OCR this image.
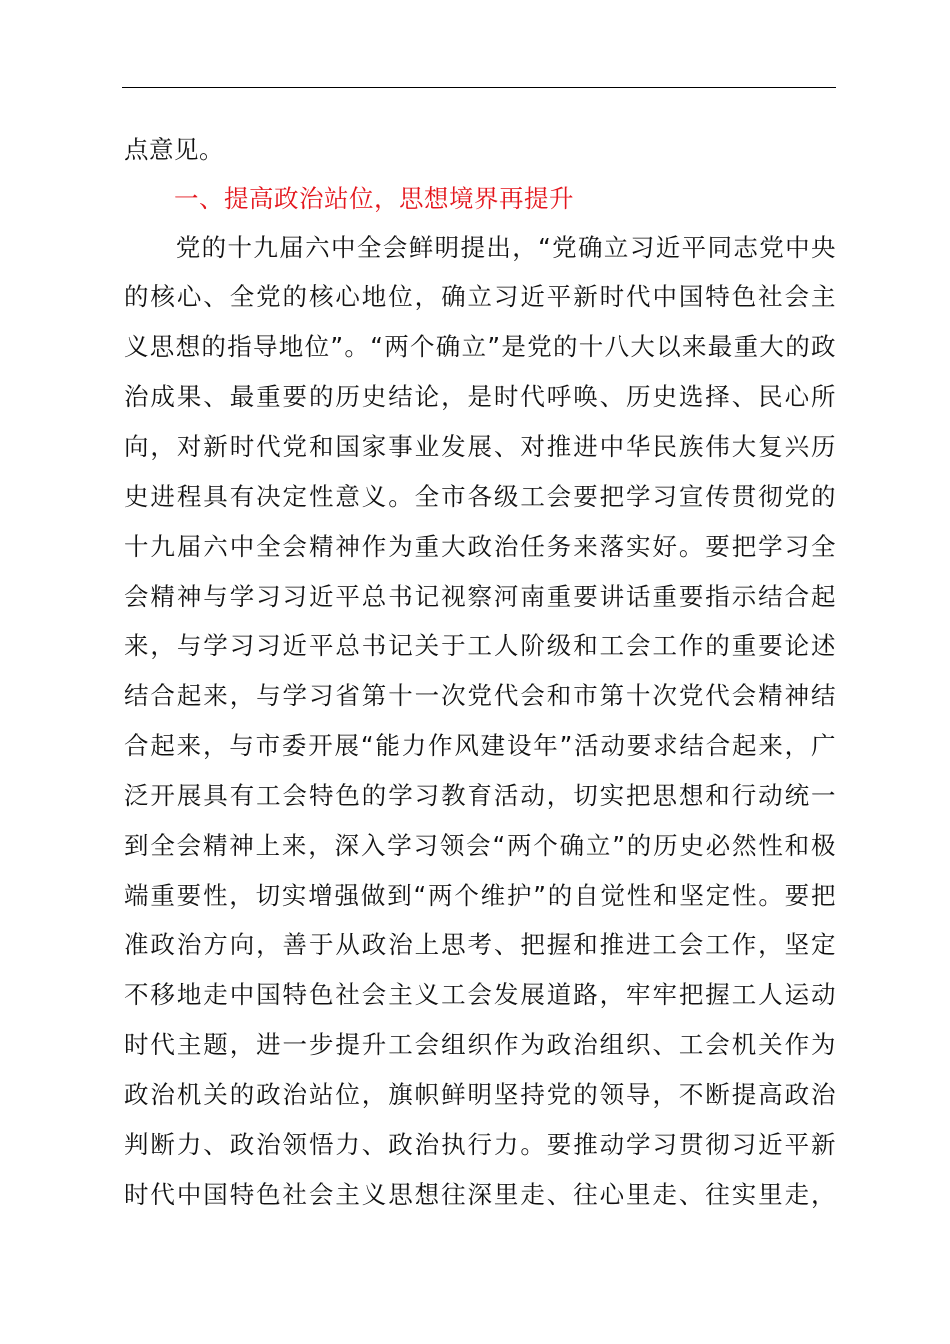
点意见。
一、提高政治站位，思想境界再提升
　　党的十九届六中全会鲜明提出，“党确立习近平同志党中央
的核心、全党的核心地位，确立习近平新时代中国特色社会主
义思想的指导地位”。“两个确立”是党的十八大以来最重大的政
治成果、最重要的历史结论，是时代呼唤、历史选择、民心所
向，对新时代党和国家事业发展、对推进中华民族伟大复兴历
史进程具有决定性意义。全市各级工会要把学习宣传贯彻党的
十九届六中全会精神作为重大政治任务来落实好。要把学习全
会精神与学习习近平总书记视察河南重要讲话重要指示结合起
来，与学习习近平总书记关于工人阶级和工会工作的重要论述
结合起来，与学习省第十一次党代会和市第十次党代会精神结
合起来，与市委开展“能力作风建设年”活动要求结合起来，广
泛开展具有工会特色的学习教育活动，切实把思想和行动统一
到全会精神上来，深入学习领会“两个确立”的历史必然性和极
端重要性，切实增强做到“两个维护”的自觉性和坚定性。要把
准政治方向，善于从政治上思考、把握和推进工会工作，坚定
不移地走中国特色社会主义工会发展道路，牢牢把握工人运动
时代主题，进一步提升工会组织作为政治组织、工会机关作为
政治机关的政治站位，旗帜鲜明坚持党的领导，不断提高政治
判断力、政治领悟力、政治执行力。要推动学习贯彻习近平新
时代中国特色社会主义思想往深里走、往心里走、往实里走，
